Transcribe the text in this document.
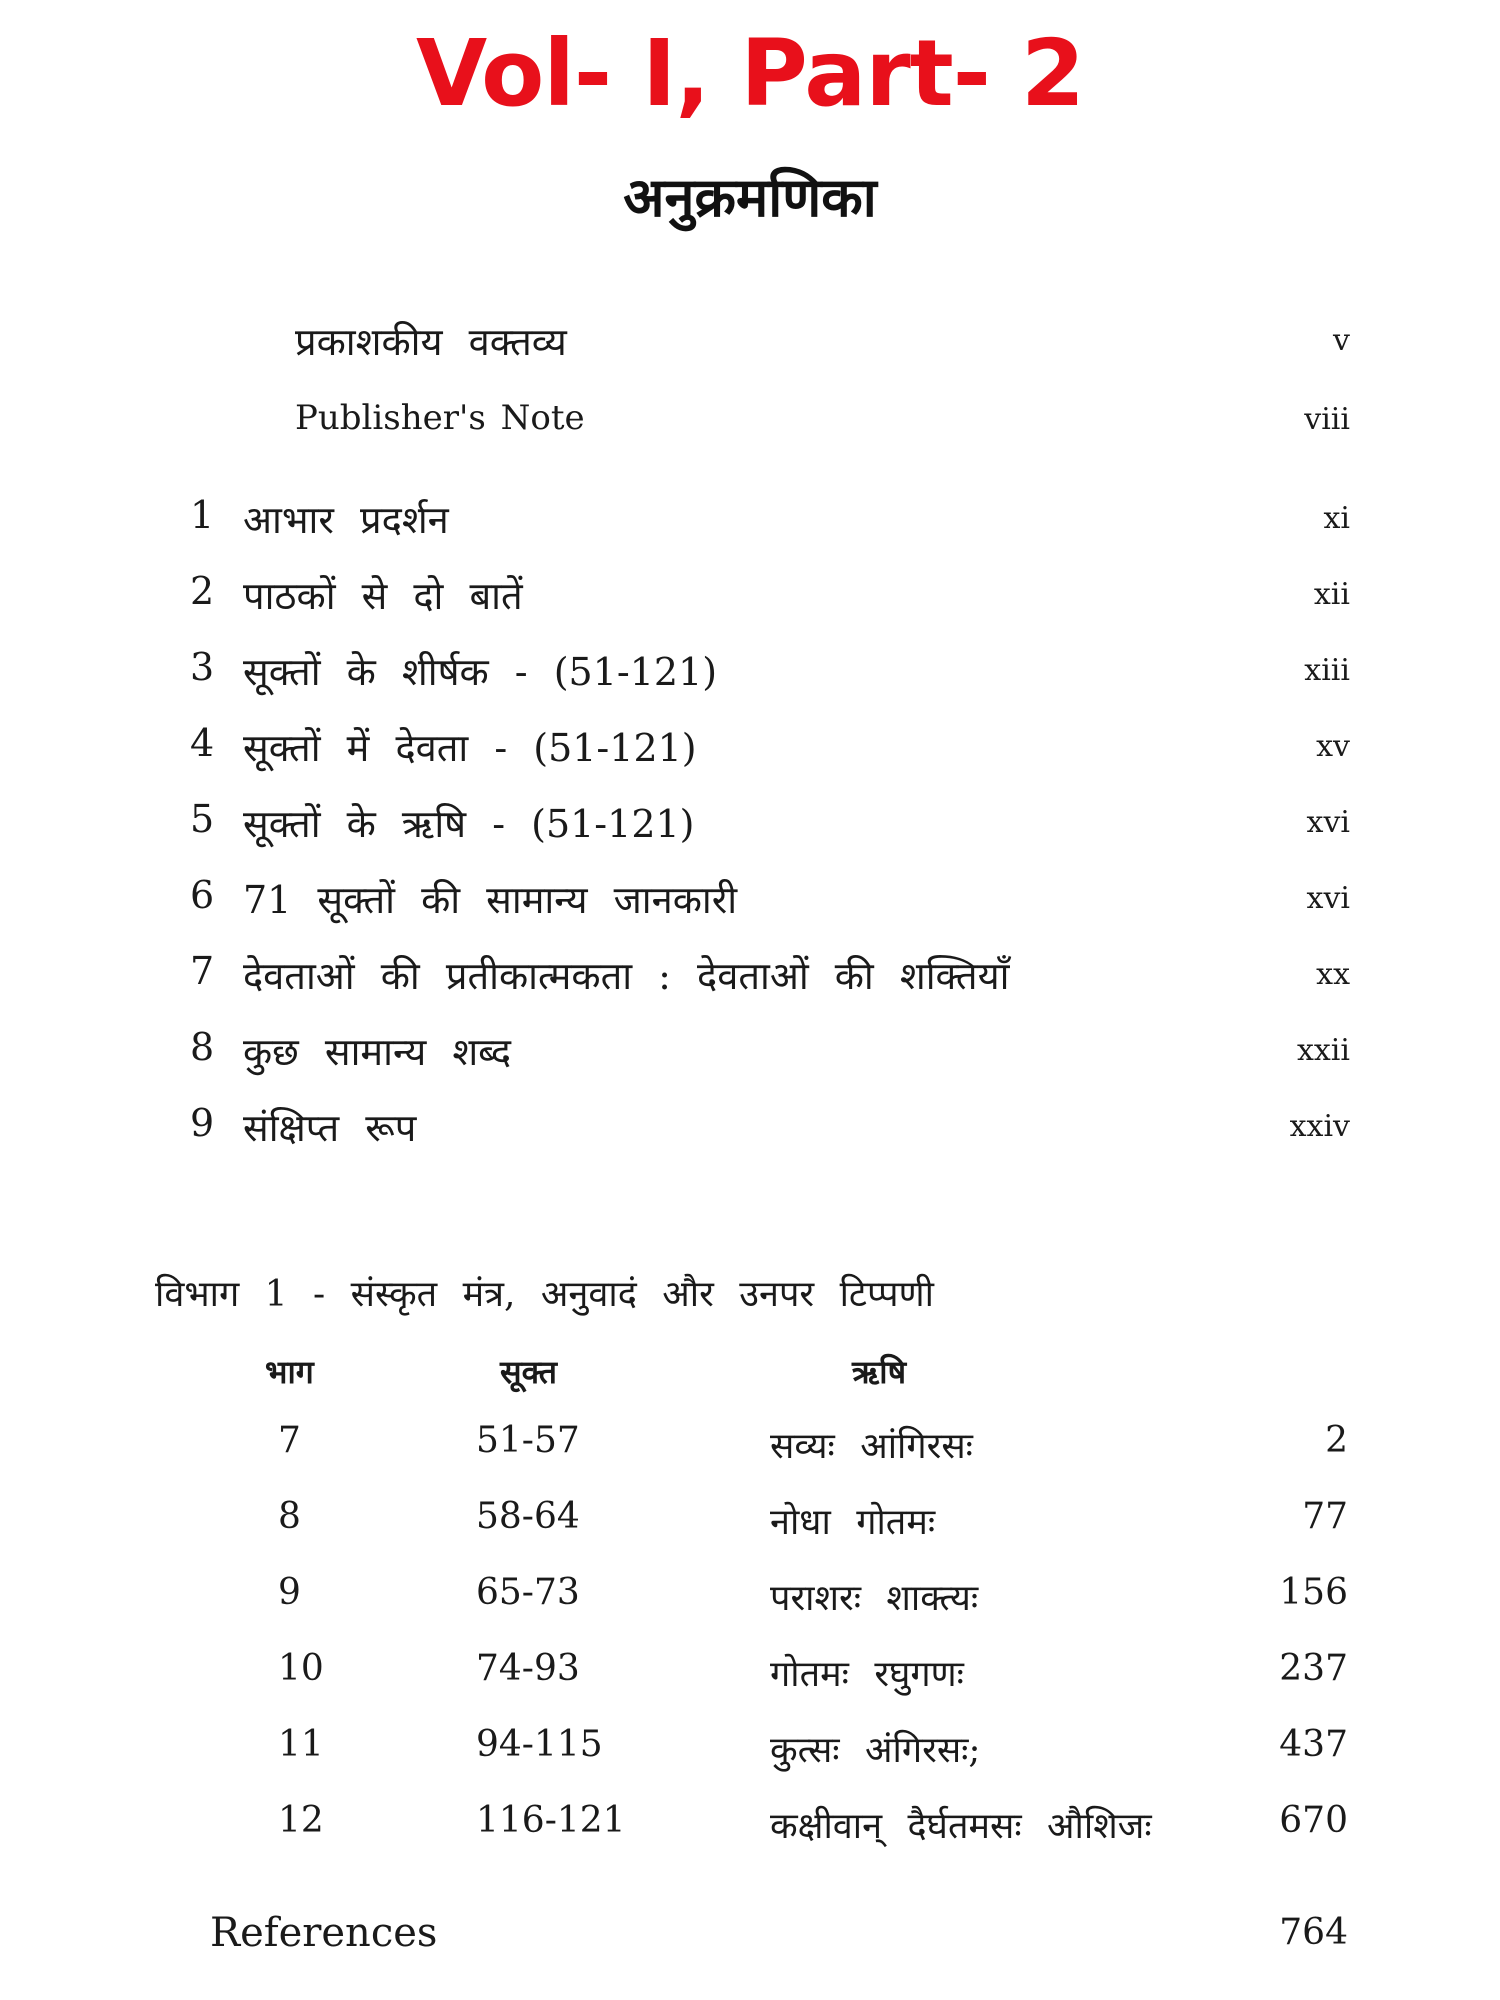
Vol- I, Part- 2
अनुक्रमणिका
प्रकाशकीय वक्तव्य	v
Publisher's Note	viii
1 आभार प्रदर्शन	xi
2 पाठकों से दो बातें	xii
3 सूक्तों के शीर्षक - (51-121)	xiii
4 सूक्तों में देवता - (51-121)	xv
5 सूक्तों के ऋषि - (51-121)	xvi
6 71 सूक्तों की सामान्य जानकारी	xvi
7 देवताओं की प्रतीकात्मकता : देवताओं की शक्तियाँ	xx
8 कुछ सामान्य शब्द	xxii
9 संक्षिप्त रूप	xxiv
विभाग 1 - संस्कृत मंत्र, अनुवादं और उनपर टिप्पणी
भाग	सूक्त	ऋषि
7	51-57	सव्यः आंगिरसः	2
8	58-64	नोधा गोतमः	77
9	65-73	पराशरः शाक्त्यः	156
10	74-93	गोतमः रघुगणः	237
11	94-115	कुत्सः अंगिरसः;	437
12	116-121	कक्षीवान् दैर्घतमसः औशिजः	670
References	764
